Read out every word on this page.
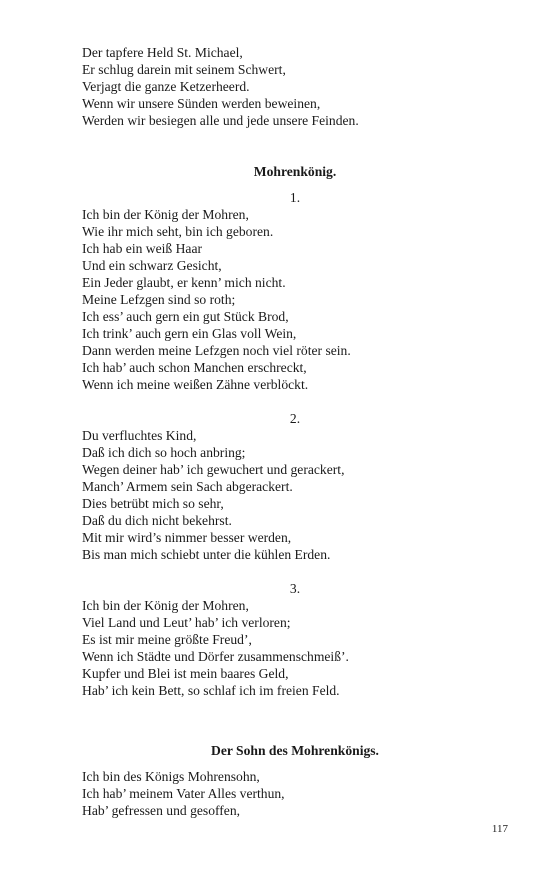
Der tapfere Held St. Michael,
Er schlug darein mit seinem Schwert,
Verjagt die ganze Ketzerheerd.
Wenn wir unsere Sünden werden beweinen,
Werden wir besiegen alle und jede unsere Feinden.
Mohrenkönig.
1.
Ich bin der König der Mohren,
Wie ihr mich seht, bin ich geboren.
Ich hab ein weiß Haar
Und ein schwarz Gesicht,
Ein Jeder glaubt, er kenn’ mich nicht.
Meine Lefzgen sind so roth;
Ich ess’ auch gern ein gut Stück Brod,
Ich trink’ auch gern ein Glas voll Wein,
Dann werden meine Lefzgen noch viel röter sein.
Ich hab’ auch schon Manchen erschreckt,
Wenn ich meine weißen Zähne verblöckt.
2.
Du verfluchtes Kind,
Daß ich dich so hoch anbring;
Wegen deiner hab’ ich gewuchert und gerackert,
Manch’ Armem sein Sach abgerackert.
Dies betrübt mich so sehr,
Daß du dich nicht bekehrst.
Mit mir wird’s nimmer besser werden,
Bis man mich schiebt unter die kühlen Erden.
3.
Ich bin der König der Mohren,
Viel Land und Leut’ hab’ ich verloren;
Es ist mir meine größte Freud’,
Wenn ich Städte und Dörfer zusammenschmeiß’.
Kupfer und Blei ist mein baares Geld,
Hab’ ich kein Bett, so schlaf ich im freien Feld.
Der Sohn des Mohrenkönigs.
Ich bin des Königs Mohrensohn,
Ich hab’ meinem Vater Alles verthun,
Hab’ gefressen und gesoffen,
117
